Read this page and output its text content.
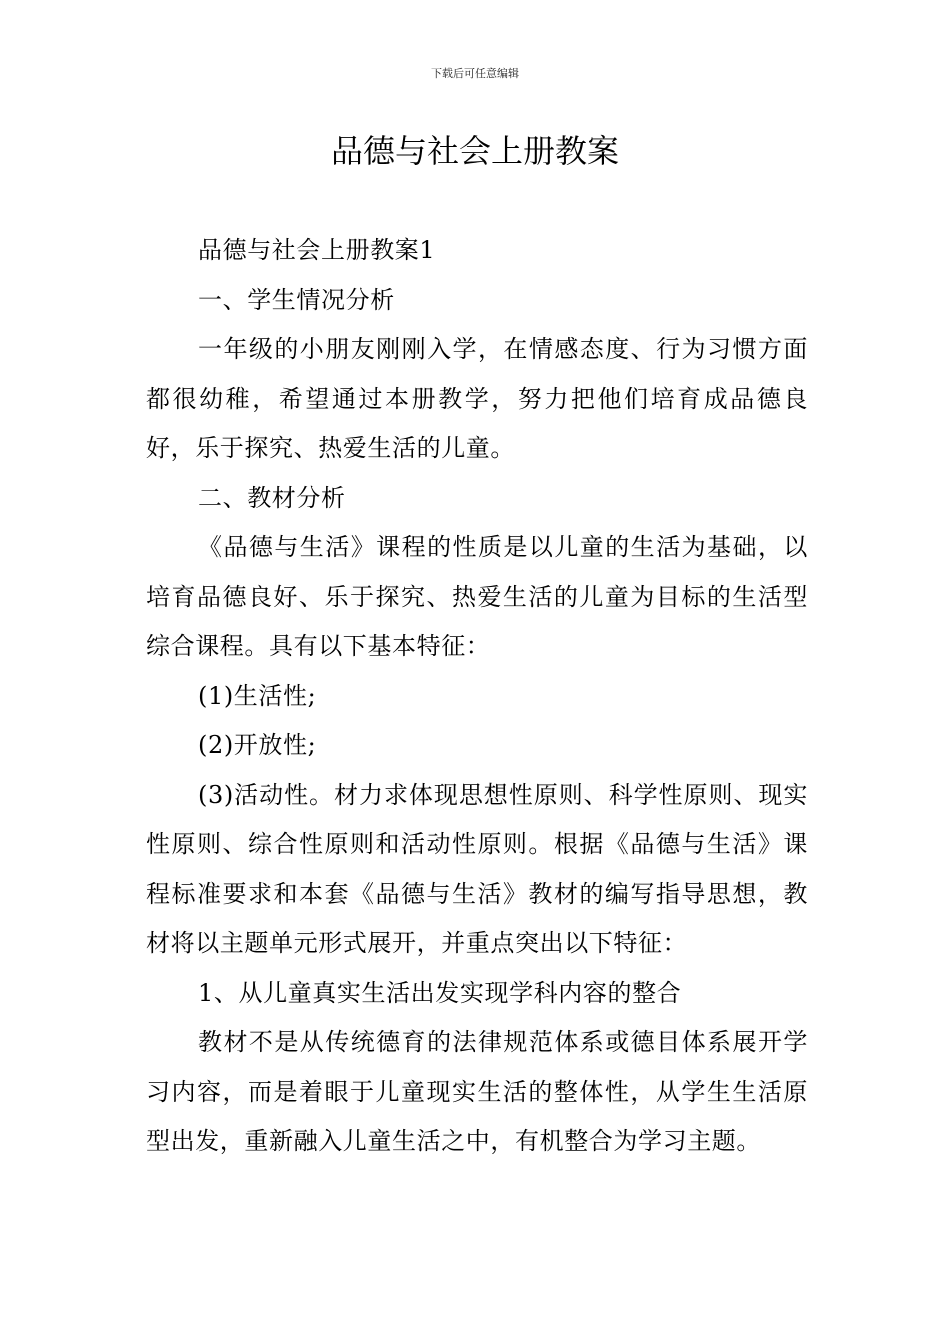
下载后可任意编辑
品德与社会上册教案

品德与社会上册教案1

一、学生情况分析

一年级的小朋友刚刚入学，在情感态度、行为习惯方面都很幼稚，希望通过本册教学，努力把他们培育成品德良好，乐于探究、热爱生活的儿童。

二、教材分析

《品德与生活》课程的性质是以儿童的生活为基础，以培育品德良好、乐于探究、热爱生活的儿童为目标的生活型综合课程。具有以下基本特征：

(1)生活性;

(2)开放性;

(3)活动性。材力求体现思想性原则、科学性原则、现实性原则、综合性原则和活动性原则。根据《品德与生活》课程标准要求和本套《品德与生活》教材的编写指导思想，教材将以主题单元形式展开，并重点突出以下特征：

1、从儿童真实生活出发实现学科内容的整合

教材不是从传统德育的法律规范体系或德目体系展开学习内容，而是着眼于儿童现实生活的整体性，从学生生活原型出发，重新融入儿童生活之中，有机整合为学习主题。
